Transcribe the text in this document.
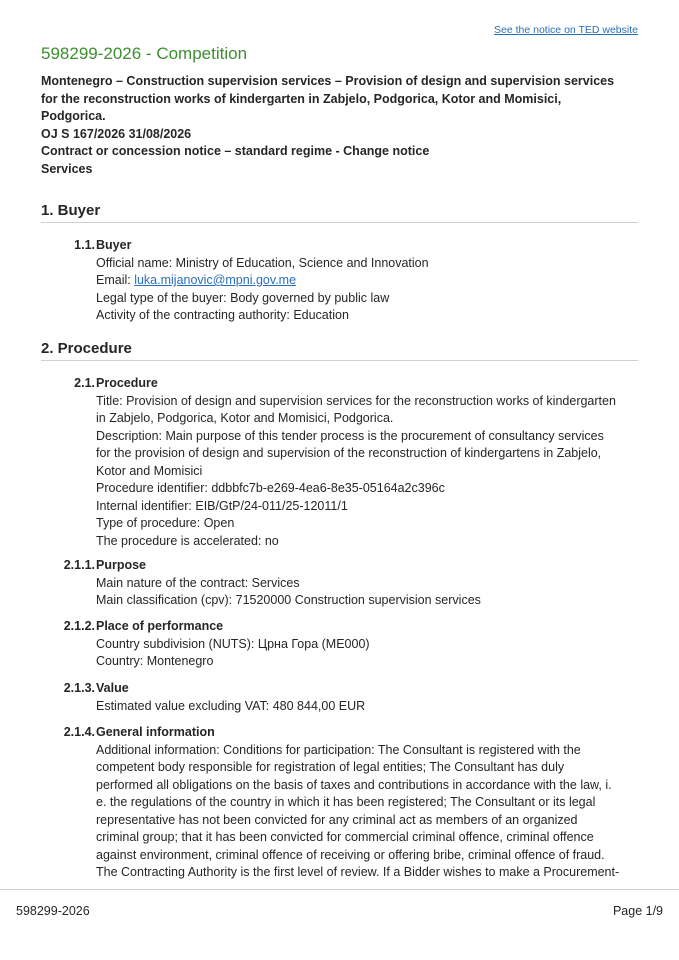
See the notice on TED website
598299-2026 - Competition
Montenegro – Construction supervision services – Provision of design and supervision services
for the reconstruction works of kindergarten in Zabjelo, Podgorica, Kotor and Momisici,
Podgorica.
OJ S 167/2026 31/08/2026
Contract or concession notice – standard regime - Change notice
Services
1. Buyer
1.1. Buyer
Official name: Ministry of Education, Science and Innovation
Email: luka.mijanovic@mpni.gov.me
Legal type of the buyer: Body governed by public law
Activity of the contracting authority: Education
2. Procedure
2.1. Procedure
Title: Provision of design and supervision services for the reconstruction works of kindergarten
in Zabjelo, Podgorica, Kotor and Momisici, Podgorica.
Description: Main purpose of this tender process is the procurement of consultancy services
for the provision of design and supervision of the reconstruction of kindergartens in Zabjelo,
Kotor and Momisici
Procedure identifier: ddbbfc7b-e269-4ea6-8e35-05164a2c396c
Internal identifier: EIB/GtP/24-011/25-12011/1
Type of procedure: Open
The procedure is accelerated: no
2.1.1. Purpose
Main nature of the contract: Services
Main classification (cpv): 71520000 Construction supervision services
2.1.2. Place of performance
Country subdivision (NUTS): Црна Гора (ME000)
Country: Montenegro
2.1.3. Value
Estimated value excluding VAT: 480 844,00 EUR
2.1.4. General information
Additional information: Conditions for participation: The Consultant is registered with the
competent body responsible for registration of legal entities; The Consultant has duly
performed all obligations on the basis of taxes and contributions in accordance with the law, i.
e. the regulations of the country in which it has been registered; The Consultant or its legal
representative has not been convicted for any criminal act as members of an organized
criminal group; that it has been convicted for commercial criminal offence, criminal offence
against environment, criminal offence of receiving or offering bribe, criminal offence of fraud.
The Contracting Authority is the first level of review. If a Bidder wishes to make a Procurement-
598299-2026	Page 1/9
